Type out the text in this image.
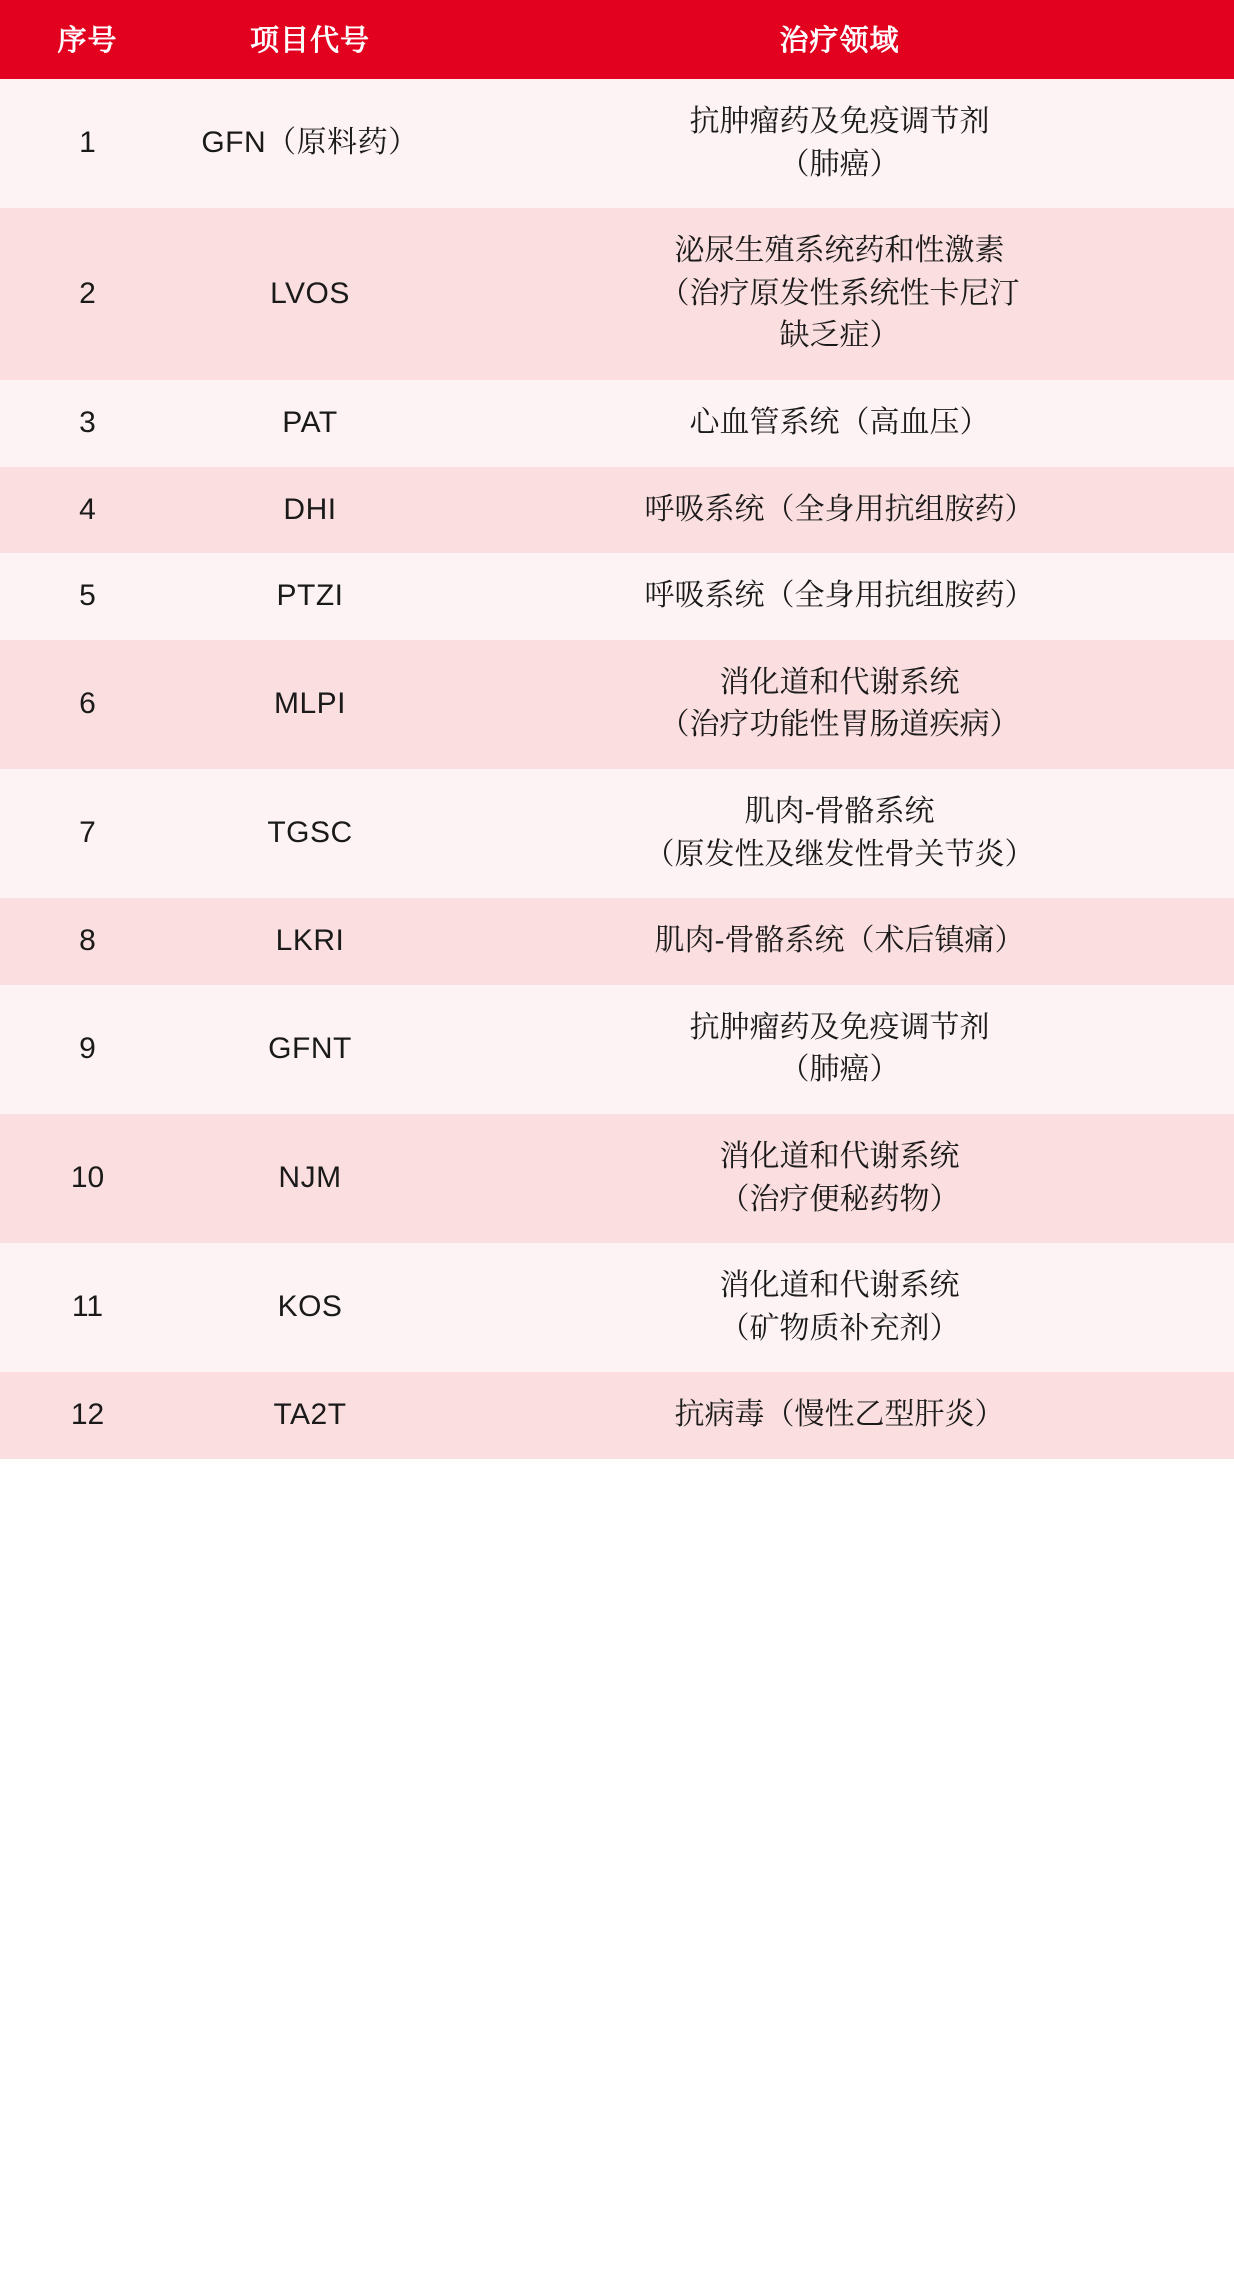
序号	项目代号	治疗领域
1	GFN（原料药）	抗肿瘤药及免疫调节剂
（肺癌）

2	LVOS	泌尿生殖系统药和性激素
（治疗原发性系统性卡尼汀
缺乏症）

3	PAT	心血管系统（高血压）

4	DHI	呼吸系统（全身用抗组胺药）

5	PTZI	呼吸系统（全身用抗组胺药）

6	MLPI	消化道和代谢系统
（治疗功能性胃肠道疾病）

7	TGSC	肌肉-骨骼系统
（原发性及继发性骨关节炎）

8	LKRI	肌肉-骨骼系统（术后镇痛）

9	GFNT	抗肿瘤药及免疫调节剂
（肺癌）

10	NJM	消化道和代谢系统
（治疗便秘药物）

11	KOS	消化道和代谢系统
（矿物质补充剂）

12	TA2T	抗病毒（慢性乙型肝炎）
